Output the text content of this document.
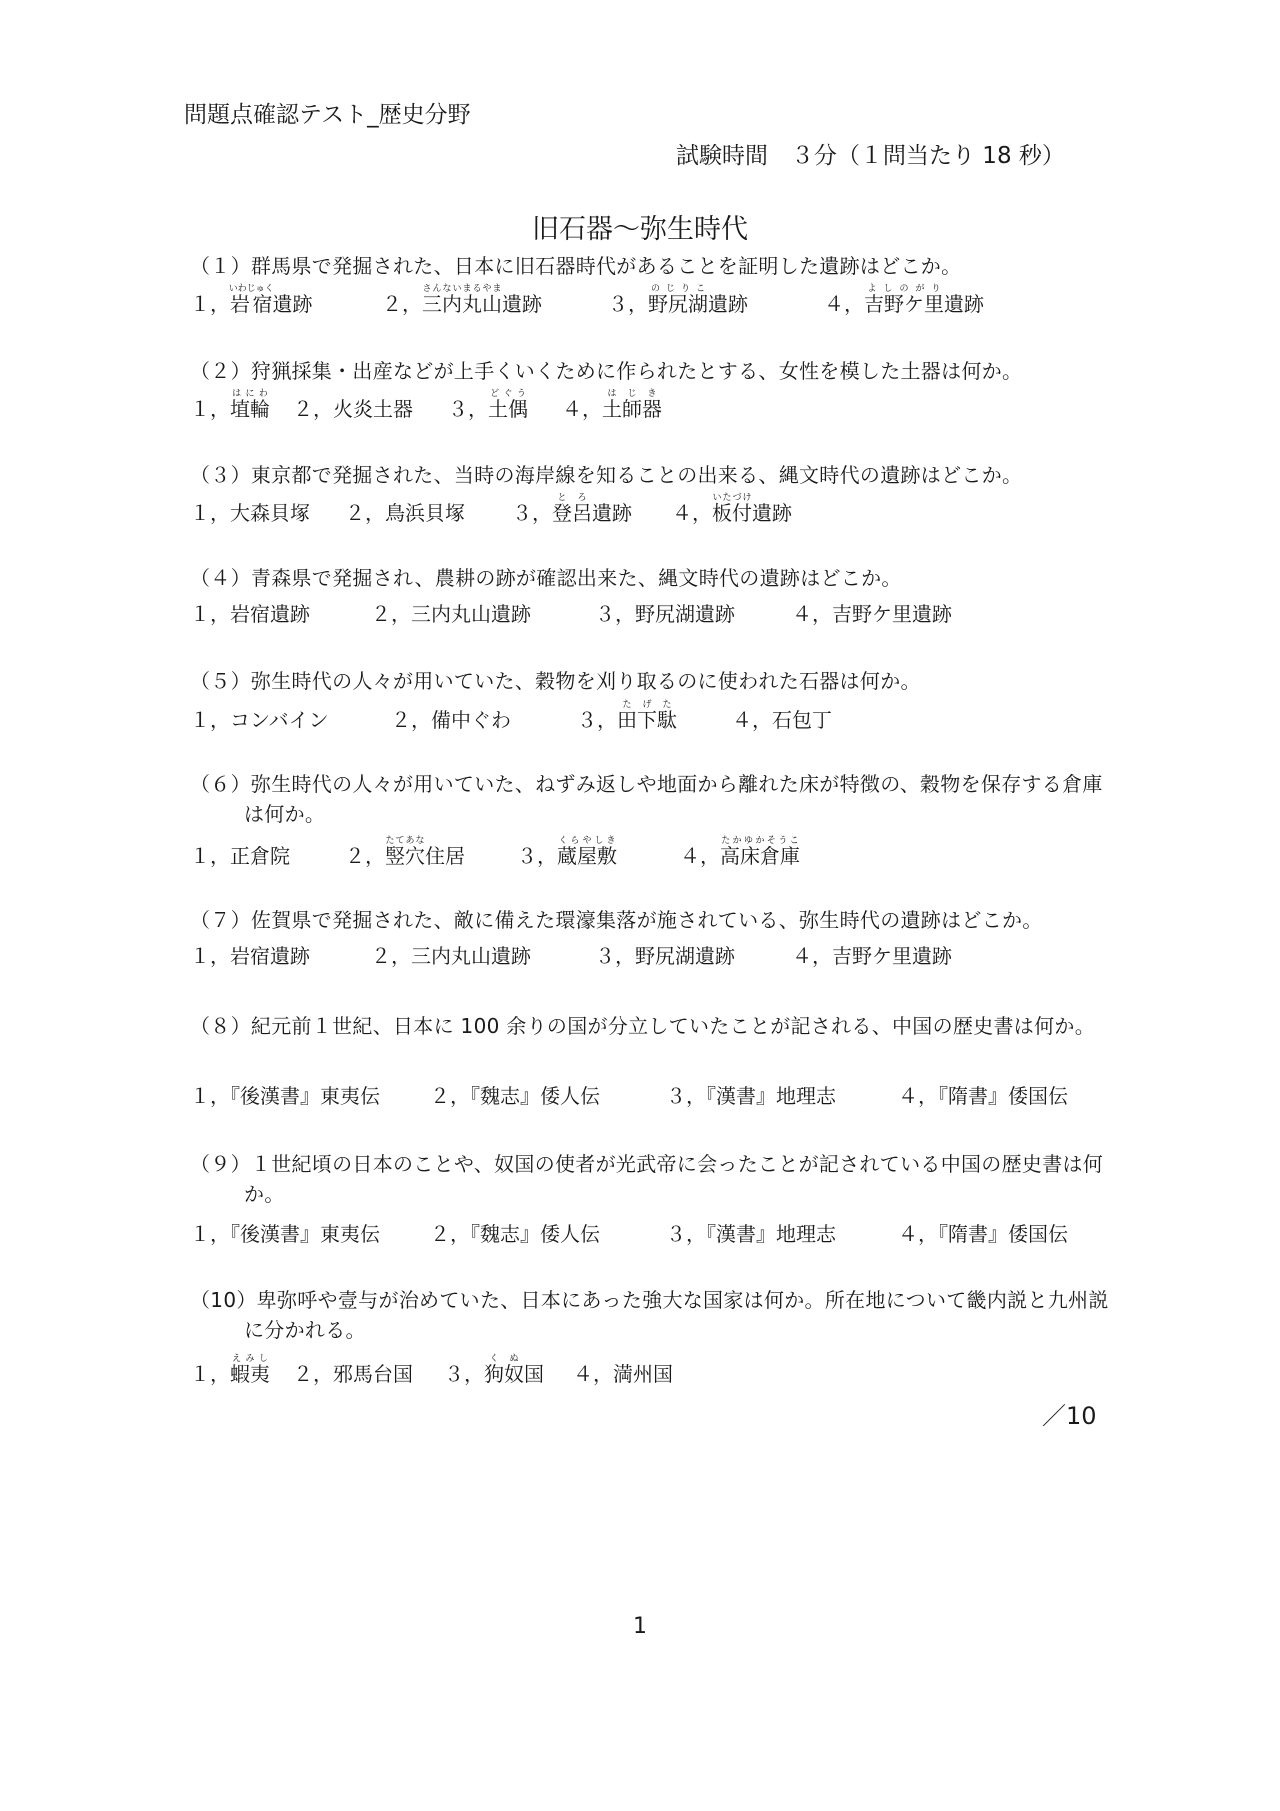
問題点確認テスト_歴史分野
試験時間　３分（１問当たり 18 秒）
旧石器～弥生時代
（１）群馬県で発掘された、日本に旧石器時代があることを証明した遺跡はどこか。
１，岩宿いわじゅく遺跡	２，三内丸山さんないまるやま遺跡	３，野尻湖のじりこ遺跡	４，吉野ケ里よしのがり遺跡
（２）狩猟採集・出産などが上手くいくために作られたとする、女性を模した土器は何か。
１，埴輪はにわ２，火炎土器 ３，土偶どぐう４，土師器はじき
（３）東京都で発掘された、当時の海岸線を知ることの出来る、縄文時代の遺跡はどこか。
１，大森貝塚 ２，鳥浜貝塚 ３，登呂とろ遺跡 ４，板付いたづけ遺跡
（４）青森県で発掘され、農耕の跡が確認出来た、縄文時代の遺跡はどこか。
１，岩宿遺跡	２，三内丸山遺跡	３，野尻湖遺跡	４，吉野ケ里遺跡
（５）弥生時代の人々が用いていた、穀物を刈り取るのに使われた石器は何か。
１，コンバイン	２，備中ぐわ	３，田下駄たげた４，石包丁
（６）弥生時代の人々が用いていた、ねずみ返しや地面から離れた床が特徴の、穀物を保存する倉庫は何か。
１，正倉院	２，竪穴たてあな住居	３，蔵屋敷くらやしき４，高床倉庫たかゆかそうこ
（７）佐賀県で発掘された、敵に備えた環濠集落が施されている、弥生時代の遺跡はどこか。
１，岩宿遺跡	２，三内丸山遺跡	３，野尻湖遺跡	４，吉野ケ里遺跡
（８）紀元前１世紀、日本に 100 余りの国が分立していたことが記される、中国の歴史書は何か。
１，『後漢書』東夷伝	２，『魏志』倭人伝	３，『漢書』地理志	４，『隋書』倭国伝
（９）１世紀頃の日本のことや、奴国の使者が光武帝に会ったことが記されている中国の歴史書は何か。
１，『後漢書』東夷伝	２，『魏志』倭人伝	３，『漢書』地理志	４，『隋書』倭国伝
（10）卑弥呼や壹与が治めていた、日本にあった強大な国家は何か。所在地について畿内説と九州説に分かれる。
１，蝦夷えみし２，邪馬台国 ３，狗奴くぬ国 ４，満州国
／10
1
